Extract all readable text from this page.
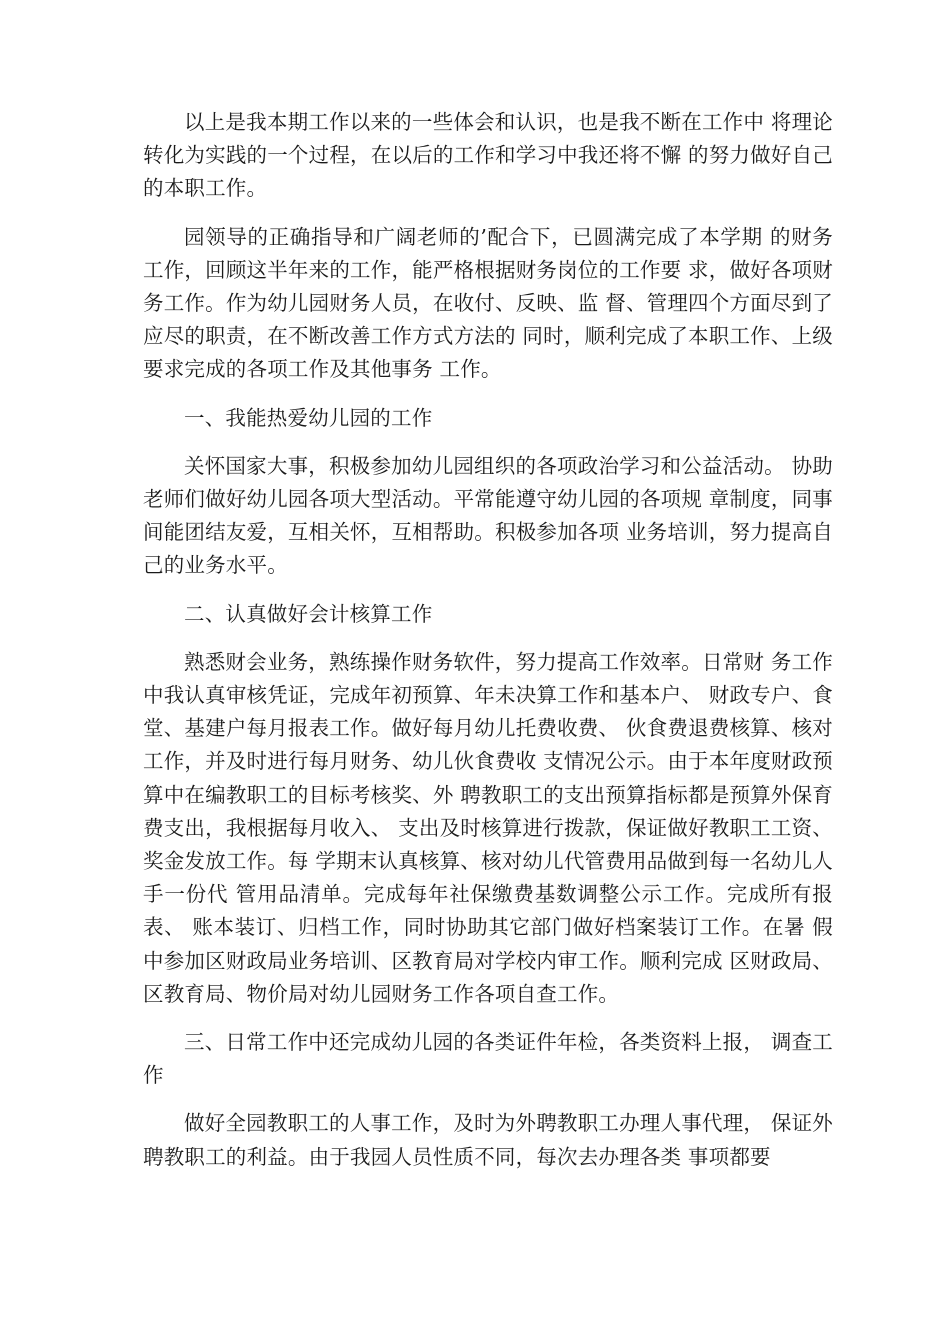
以上是我本期工作以来的一些体会和认识，也是我不断在工作中 将理论转化为实践的一个过程，在以后的工作和学习中我还将不懈 的努力做好自己的本职工作。

园领导的正确指导和广阔老师的’配合下，已圆满完成了本学期 的财务工作，回顾这半年来的工作，能严格根据财务岗位的工作要 求，做好各项财务工作。作为幼儿园财务人员，在收付、反映、监 督、管理四个方面尽到了应尽的职责，在不断改善工作方式方法的 同时，顺利完成了本职工作、上级要求完成的各项工作及其他事务 工作。

一、我能热爱幼儿园的工作

关怀国家大事，积极参加幼儿园组织的各项政治学习和公益活动。 协助老师们做好幼儿园各项大型活动。平常能遵守幼儿园的各项规 章制度，同事间能团结友爱，互相关怀，互相帮助。积极参加各项 业务培训，努力提高自己的业务水平。

二、认真做好会计核算工作

熟悉财会业务，熟练操作财务软件，努力提高工作效率。日常财 务工作中我认真审核凭证，完成年初预算、年未决算工作和基本户、 财政专户、食堂、基建户每月报表工作。做好每月幼儿托费收费、 伙食费退费核算、核对工作，并及时进行每月财务、幼儿伙食费收 支情况公示。由于本年度财政预算中在编教职工的目标考核奖、外 聘教职工的支出预算指标都是预算外保育费支出，我根据每月收入、 支出及时核算进行拨款，保证做好教职工工资、奖金发放工作。每 学期末认真核算、核对幼儿代管费用品做到每一名幼儿人手一份代 管用品清单。完成每年社保缴费基数调整公示工作。完成所有报表、 账本装订、归档工作，同时协助其它部门做好档案装订工作。在暑 假中参加区财政局业务培训、区教育局对学校内审工作。顺利完成 区财政局、区教育局、物价局对幼儿园财务工作各项自查工作。

三、日常工作中还完成幼儿园的各类证件年检，各类资料上报， 调查工作

做好全园教职工的人事工作，及时为外聘教职工办理人事代理， 保证外聘教职工的利益。由于我园人员性质不同，每次去办理各类 事项都要
